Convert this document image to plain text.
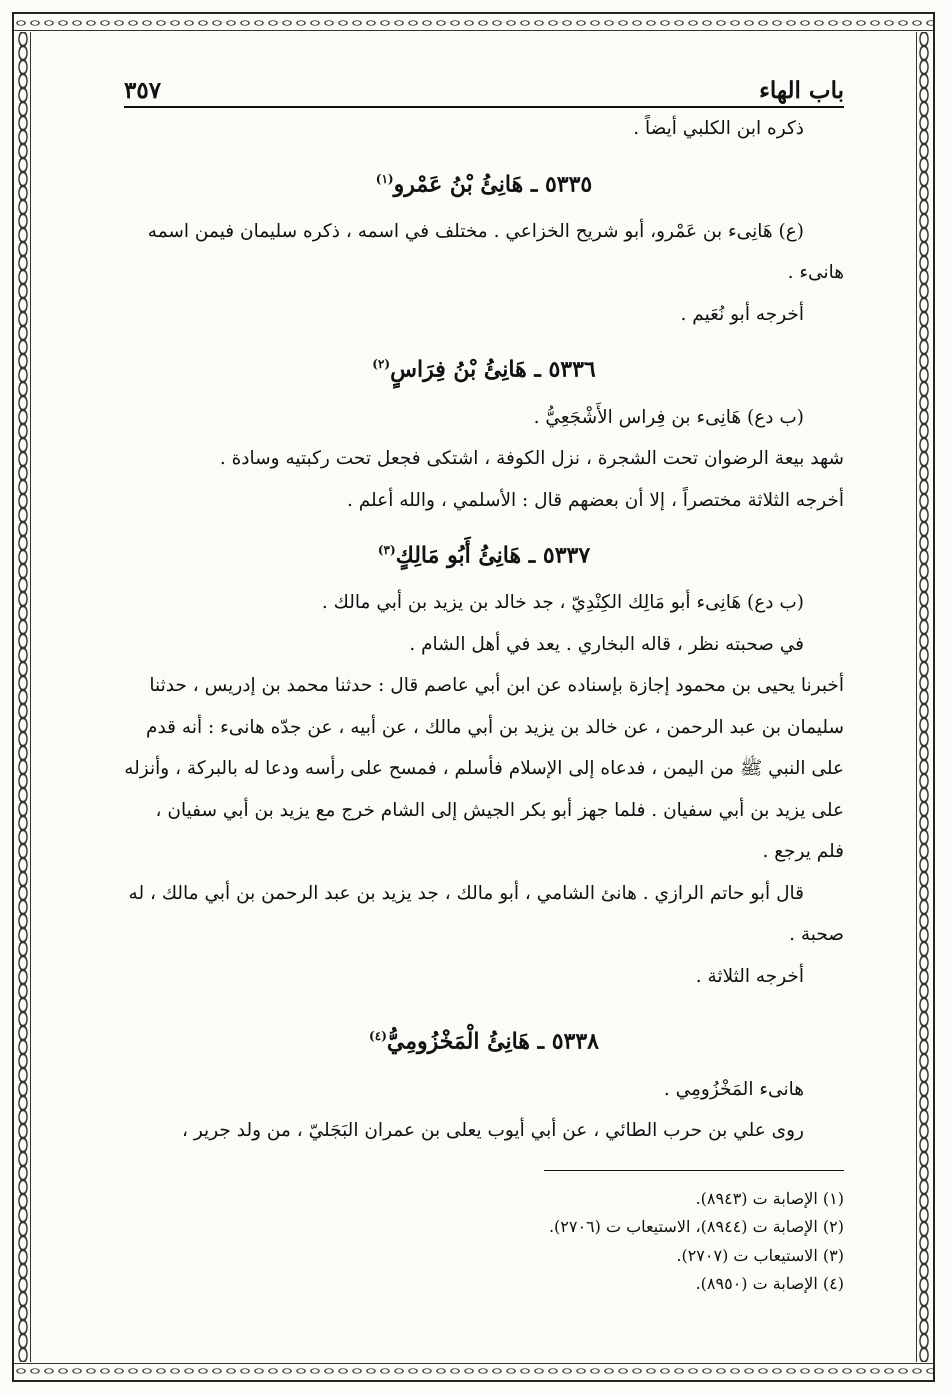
باب الهاء
٣٥٧

ذكره ابن الكلبي أيضاً .

٥٣٣٥ ـ هَانِئُ بْنُ عَمْرو$^{(١)}$

(ع) هَانِىء بن عَمْرو، أبو شريح الخزاعي . مختلف في اسمه ، ذكره سليمان فيمن اسمه هانىء .

أخرجه أبو نُعَيم .

٥٣٣٦ ـ هَانِئُ بْنُ فِرَاسٍ$^{(٢)}$

(ب دع) هَانِىء بن فِراس الأَشْجَعِيُّ .

شهد بيعة الرضوان تحت الشجرة ، نزل الكوفة ، اشتكى فجعل تحت ركبتيه وسادة .

أخرجه الثلاثة مختصراً ، إلا أن بعضهم قال : الأسلمي ، والله أعلم .

٥٣٣٧ ـ هَانِئُ أَبُو مَالِكٍ$^{(٣)}$

(ب دع) هَانِىء أبو مَالِك الكِنْدِيّ ، جد خالد بن يزيد بن أبي مالك .

في صحبته نظر ، قاله البخاري . يعد في أهل الشام .

أخبرنا يحيى بن محمود إجازة بإسناده عن ابن أبي عاصم قال : حدثنا محمد بن إدريس ، حدثنا سليمان بن عبد الرحمن ، عن خالد بن يزيد بن أبي مالك ، عن أبيه ، عن جدّه هانىء : أنه قدم على النبي ﷺ من اليمن ، فدعاه إلى الإسلام فأسلم ، فمسح على رأسه ودعا له بالبركة ، وأنزله على يزيد بن أبي سفيان . فلما جهز أبو بكر الجيش إلى الشام خرج مع يزيد بن أبي سفيان ، فلم يرجع .

قال أبو حاتم الرازي . هانئ الشامي ، أبو مالك ، جد يزيد بن عبد الرحمن بن أبي مالك ، له صحبة .

أخرجه الثلاثة .

٥٣٣٨ ـ هَانِئُ الْمَخْزُومِيُّ$^{(٤)}$

هانىء المَخْزُومِي .

روى علي بن حرب الطائي ، عن أبي أيوب يعلى بن عمران البَجَليّ ، من ولد جرير ،

(١) الإصابة ت (٨٩٤٣).

(٢) الإصابة ت (٨٩٤٤)، الاستيعاب ت (٢٧٠٦).

(٣) الاستيعاب ت (٢٧٠٧).

(٤) الإصابة ت (٨٩٥٠).
